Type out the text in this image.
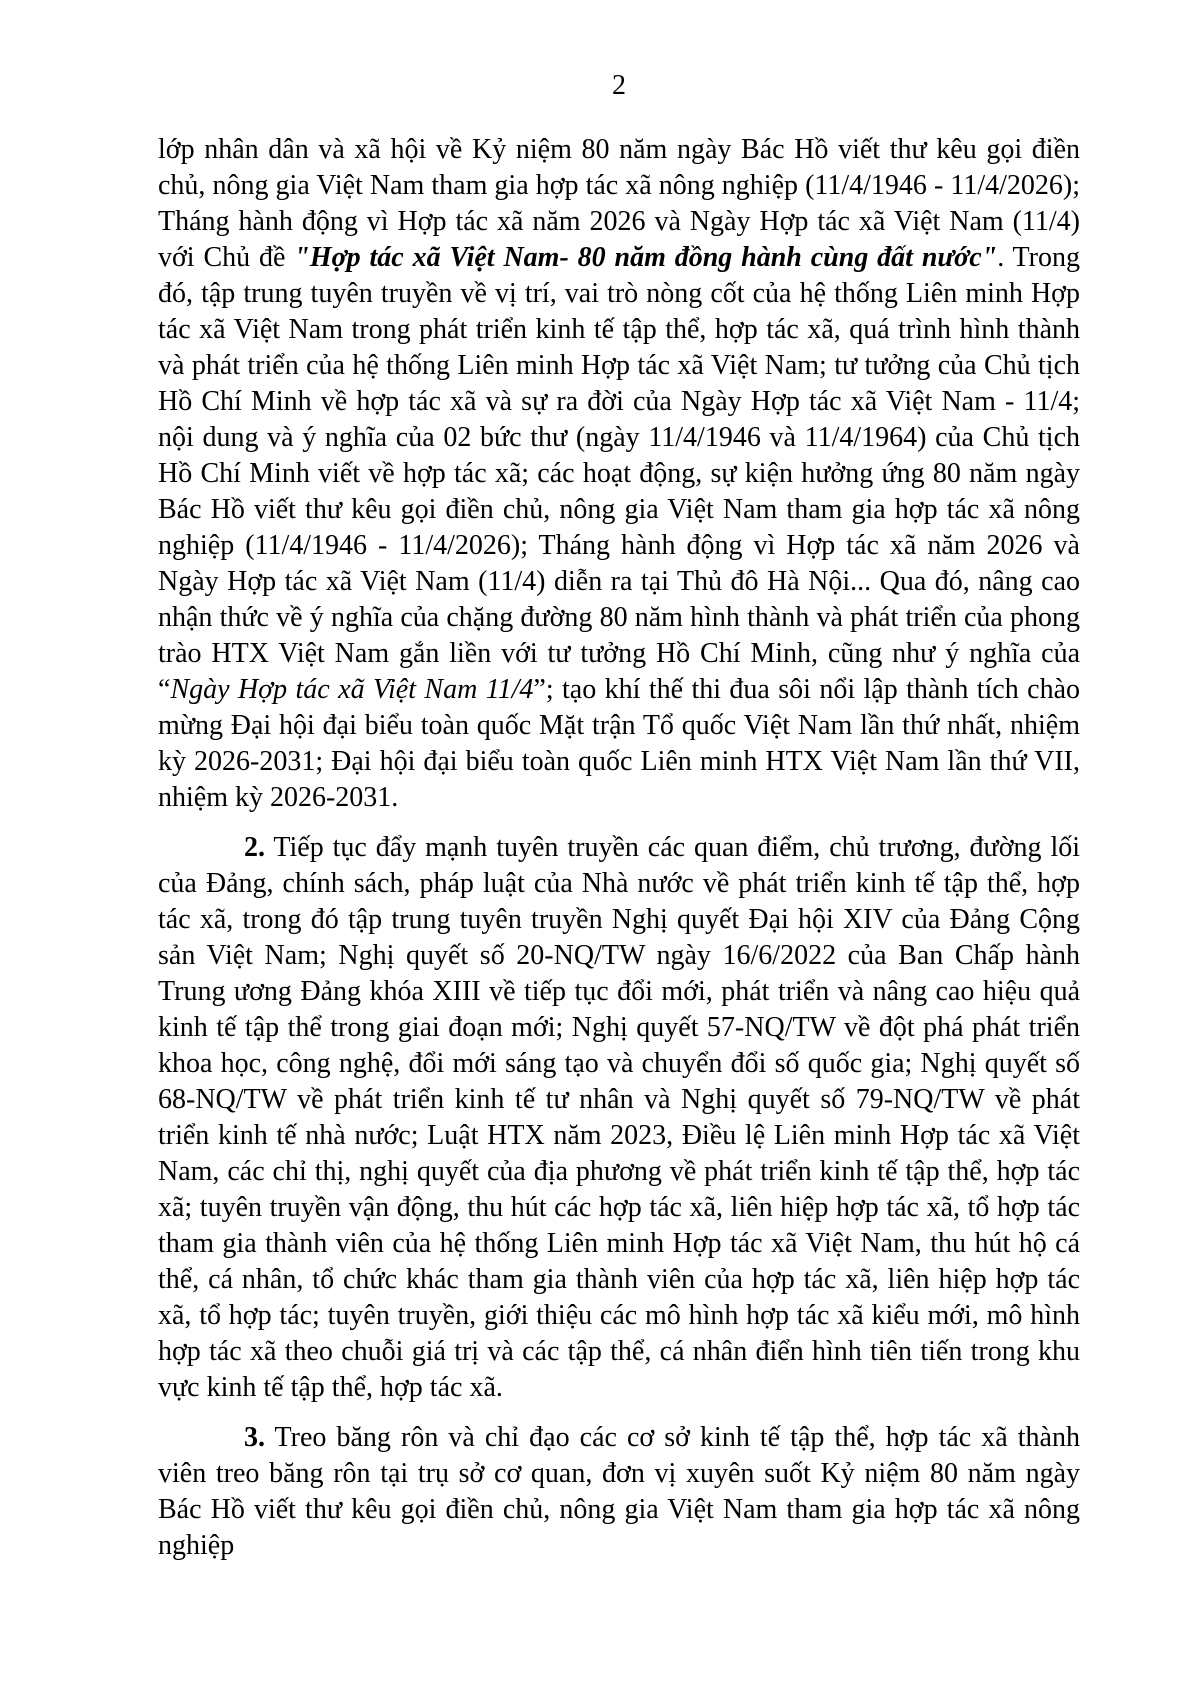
2

lớp nhân dân và xã hội về Kỷ niệm 80 năm ngày Bác Hồ viết thư kêu gọi điền chủ, nông gia Việt Nam tham gia hợp tác xã nông nghiệp (11/4/1946 - 11/4/2026); Tháng hành động vì Hợp tác xã năm 2026 và Ngày Hợp tác xã Việt Nam (11/4) với Chủ đề "Hợp tác xã Việt Nam- 80 năm đồng hành cùng đất nước". Trong đó, tập trung tuyên truyền về vị trí, vai trò nòng cốt của hệ thống Liên minh Hợp tác xã Việt Nam trong phát triển kinh tế tập thể, hợp tác xã, quá trình hình thành và phát triển của hệ thống Liên minh Hợp tác xã Việt Nam; tư tưởng của Chủ tịch Hồ Chí Minh về hợp tác xã và sự ra đời của Ngày Hợp tác xã Việt Nam - 11/4; nội dung và ý nghĩa của 02 bức thư (ngày 11/4/1946 và 11/4/1964) của Chủ tịch Hồ Chí Minh viết về hợp tác xã; các hoạt động, sự kiện hưởng ứng 80 năm ngày Bác Hồ viết thư kêu gọi điền chủ, nông gia Việt Nam tham gia hợp tác xã nông nghiệp (11/4/1946 - 11/4/2026); Tháng hành động vì Hợp tác xã năm 2026 và Ngày Hợp tác xã Việt Nam (11/4) diễn ra tại Thủ đô Hà Nội... Qua đó, nâng cao nhận thức về ý nghĩa của chặng đường 80 năm hình thành và phát triển của phong trào HTX Việt Nam gắn liền với tư tưởng Hồ Chí Minh, cũng như ý nghĩa của “Ngày Hợp tác xã Việt Nam 11/4”; tạo khí thế thi đua sôi nổi lập thành tích chào mừng Đại hội đại biểu toàn quốc Mặt trận Tổ quốc Việt Nam lần thứ nhất, nhiệm kỳ 2026-2031; Đại hội đại biểu toàn quốc Liên minh HTX Việt Nam lần thứ VII, nhiệm kỳ 2026-2031.

2. Tiếp tục đẩy mạnh tuyên truyền các quan điểm, chủ trương, đường lối của Đảng, chính sách, pháp luật của Nhà nước về phát triển kinh tế tập thể, hợp tác xã, trong đó tập trung tuyên truyền Nghị quyết Đại hội XIV của Đảng Cộng sản Việt Nam; Nghị quyết số 20-NQ/TW ngày 16/6/2022 của Ban Chấp hành Trung ương Đảng khóa XIII về tiếp tục đổi mới, phát triển và nâng cao hiệu quả kinh tế tập thể trong giai đoạn mới; Nghị quyết 57-NQ/TW về đột phá phát triển khoa học, công nghệ, đổi mới sáng tạo và chuyển đổi số quốc gia; Nghị quyết số 68-NQ/TW về phát triển kinh tế tư nhân và Nghị quyết số 79-NQ/TW về phát triển kinh tế nhà nước; Luật HTX năm 2023, Điều lệ Liên minh Hợp tác xã Việt Nam, các chỉ thị, nghị quyết của địa phương về phát triển kinh tế tập thể, hợp tác xã; tuyên truyền vận động, thu hút các hợp tác xã, liên hiệp hợp tác xã, tổ hợp tác tham gia thành viên của hệ thống Liên minh Hợp tác xã Việt Nam, thu hút hộ cá thể, cá nhân, tổ chức khác tham gia thành viên của hợp tác xã, liên hiệp hợp tác xã, tổ hợp tác; tuyên truyền, giới thiệu các mô hình hợp tác xã kiểu mới, mô hình hợp tác xã theo chuỗi giá trị và các tập thể, cá nhân điển hình tiên tiến trong khu vực kinh tế tập thể, hợp tác xã.

3. Treo băng rôn và chỉ đạo các cơ sở kinh tế tập thể, hợp tác xã thành viên treo băng rôn tại trụ sở cơ quan, đơn vị xuyên suốt Kỷ niệm 80 năm ngày Bác Hồ viết thư kêu gọi điền chủ, nông gia Việt Nam tham gia hợp tác xã nông nghiệp
